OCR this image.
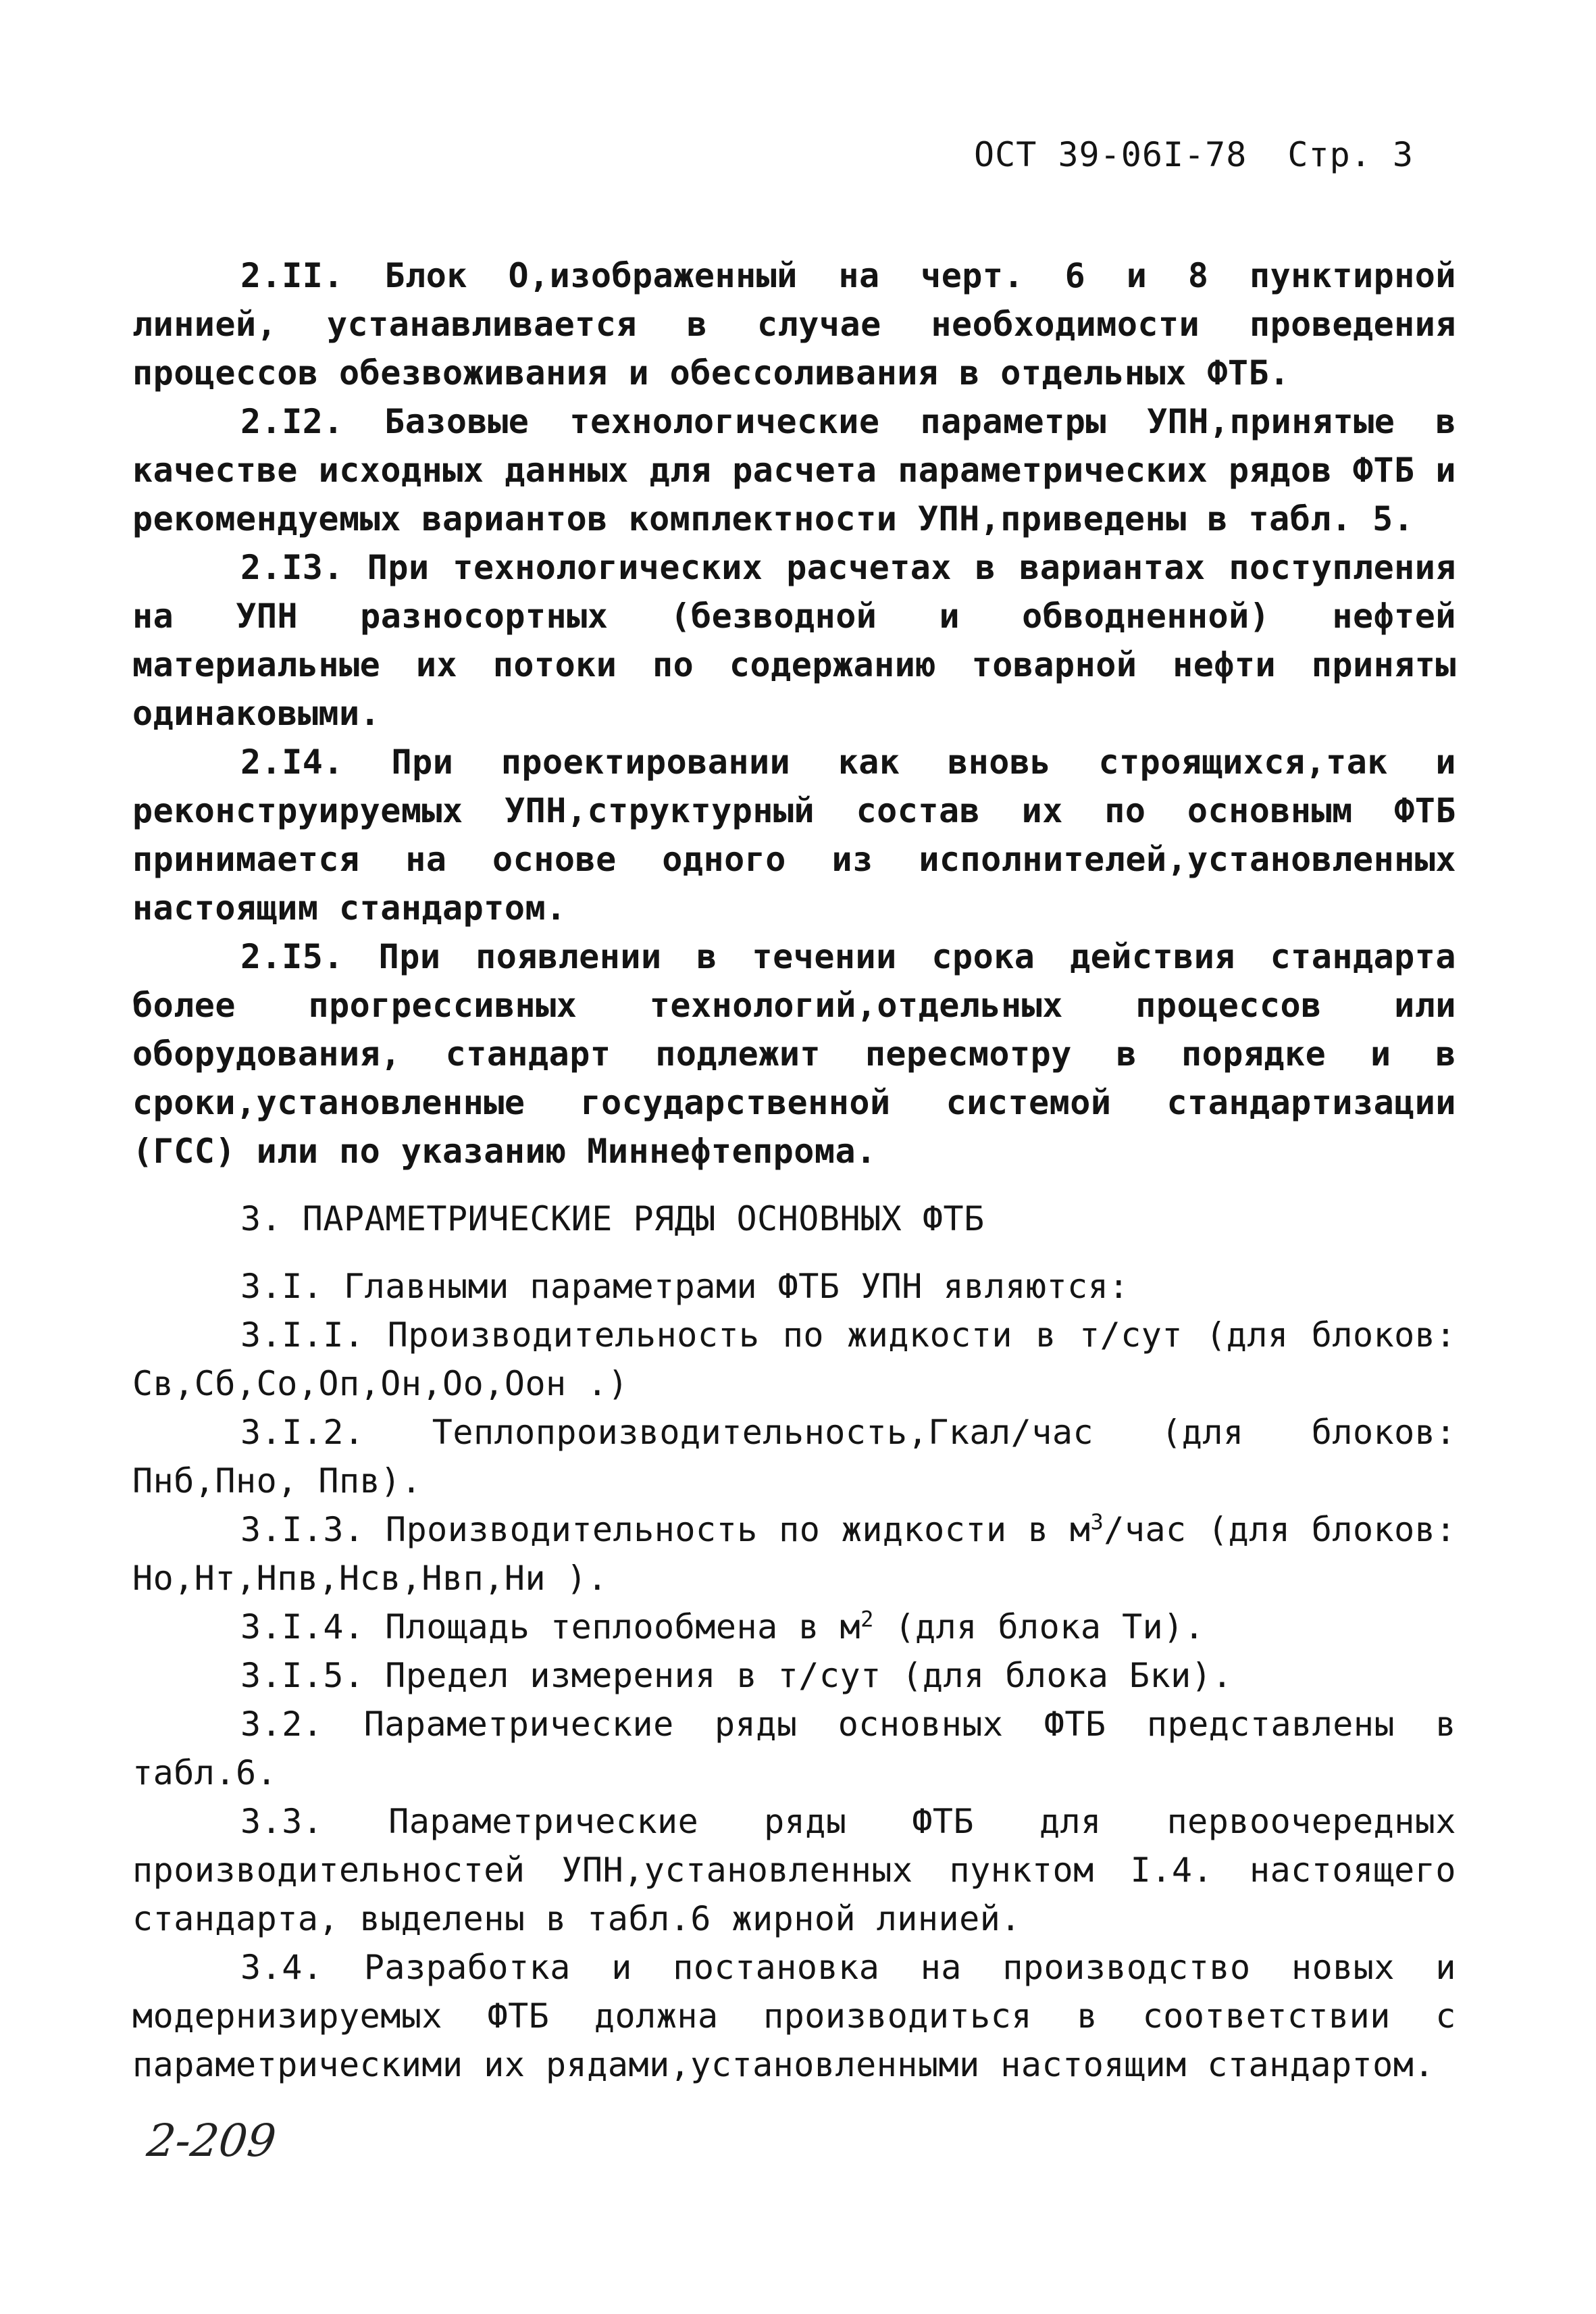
ОСТ 39-06I-78 Стр. 3

2.II. Блок О,изображенный на черт. 6 и 8 пунктирной линией, устанавливается в случае необходимости проведения процессов обезвоживания и обессоливания в отдельных ФТБ.

2.I2. Базовые технологические параметры УПН,принятые в качестве исходных данных для расчета параметрических рядов ФТБ и рекомендуемых вариантов комплектности УПН,приведены в табл. 5.

2.I3. При технологических расчетах в вариантах поступления на УПН разносортных (безводной и обводненной) нефтей материальные их потоки по содержанию товарной нефти приняты одинаковыми.

2.I4. При проектировании как вновь строящихся,так и реконструируемых УПН,структурный состав их по основным ФТБ принимается на основе одного из исполнителей,установленных настоящим стандартом.

2.I5. При появлении в течении срока действия стандарта более прогрессивных технологий,отдельных процессов или оборудования, стандарт подлежит пересмотру в порядке и в сроки,установленные государственной системой стандартизации (ГСС) или по указанию Миннефтепрома.

3. ПАРАМЕТРИЧЕСКИЕ РЯДЫ ОСНОВНЫХ ФТБ

3.I. Главными параметрами ФТБ УПН являются:

3.I.I. Производительность по жидкости в т/сут (для блоков: Св,Сб,Со,Оп,Он,Оо,Оон .)

3.I.2. Теплопроизводительность,Гкал/час (для блоков: Пнб,Пно, Ппв).

3.I.3. Производительность по жидкости в $м^3$/час (для блоков: Но,Нт,Нпв,Нсв,Нвп,Ни ).

3.I.4. Площадь теплообмена в $м^2$ (для блока Ти).

3.I.5. Предел измерения в т/сут (для блока Бки).

3.2. Параметрические ряды основных ФТБ представлены в табл.6.

3.3. Параметрические ряды ФТБ для первоочередных производительностей УПН,установленных пунктом I.4. настоящего стандарта, выделены в табл.6 жирной линией.

3.4. Разработка и постановка на производство новых и модернизируемых ФТБ должна производиться в соответствии с параметрическими их рядами,установленными настоящим стандартом.

2-209
